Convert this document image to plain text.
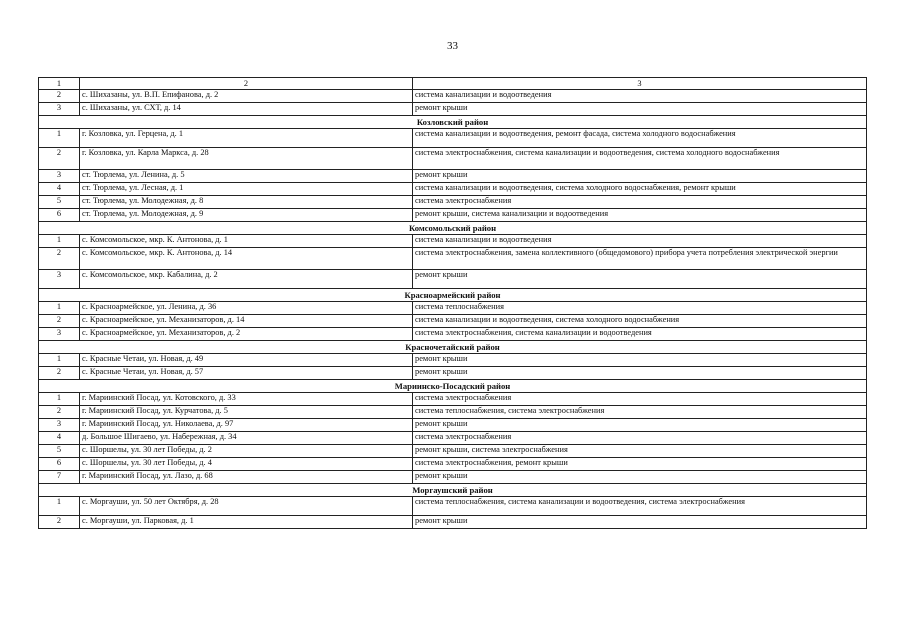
33
1	2	3
2	с. Шихазаны, ул. В.П. Епифанова, д. 2	система канализации и водоотведения
3	с. Шихазаны, ул. СХТ, д. 14	ремонт крыши
Козловский район		
1	г. Козловка, ул. Герцена, д. 1	система канализации и водоотведения, ремонт фасада, система холодного водоснабжения
2	г. Козловка, ул. Карла Маркса, д. 28	система электроснабжения, система канализации и водоотведения, система холодного водоснабжения
3	ст. Тюрлема, ул. Ленина, д. 5	ремонт крыши
4	ст. Тюрлема, ул. Лесная, д. 1	система канализации и водоотведения, система холодного водоснабжения, ремонт крыши
5	ст. Тюрлема, ул. Молодежная, д. 8	система электроснабжения
6	ст. Тюрлема, ул. Молодежная, д. 9	ремонт крыши, система канализации и водоотведения
Комсомольский район		
1	с. Комсомольское, мкр. К. Антонова, д. 1	система канализации и водоотведения
2	с. Комсомольское, мкр. К. Антонова, д. 14	система электроснабжения, замена коллективного (общедомового) прибора учета потребления электрической энергии
3	с. Комсомольское, мкр. Кабалина, д. 2	ремонт крыши
Красноармейский район		
1	с. Красноармейское, ул. Ленина, д. 36	система теплоснабжения
2	с. Красноармейское, ул. Механизаторов, д. 14	система канализации и водоотведения, система холодного водоснабжения
3	с. Красноармейское, ул. Механизаторов, д. 2	система электроснабжения, система канализации и водоотведения
Красночетайский район		
1	с. Красные Четаи, ул. Новая, д. 49	ремонт крыши
2	с. Красные Четаи, ул. Новая, д. 57	ремонт крыши
Мариинско-Посадский район		
1	г. Мариинский Посад, ул. Котовского, д. 33	система электроснабжения
2	г. Мариинский Посад, ул. Курчатова, д. 5	система теплоснабжения, система электроснабжения
3	г. Мариинский Посад, ул. Николаева, д. 97	ремонт крыши
4	д. Большое Шигаево, ул. Набережная, д. 34	система электроснабжения
5	с. Шоршелы, ул. 30 лет Победы, д. 2	ремонт крыши, система электроснабжения
6	с. Шоршелы, ул. 30 лет Победы, д. 4	система электроснабжения, ремонт крыши
7	г. Мариинский Посад, ул. Лазо, д. 68	ремонт крыши
Моргаушский район		
1	с. Моргауши, ул. 50 лет Октября, д. 28	система теплоснабжения, система канализации и водоотведения, система электроснабжения
2	с. Моргауши, ул. Парковая, д. 1	ремонт крыши
